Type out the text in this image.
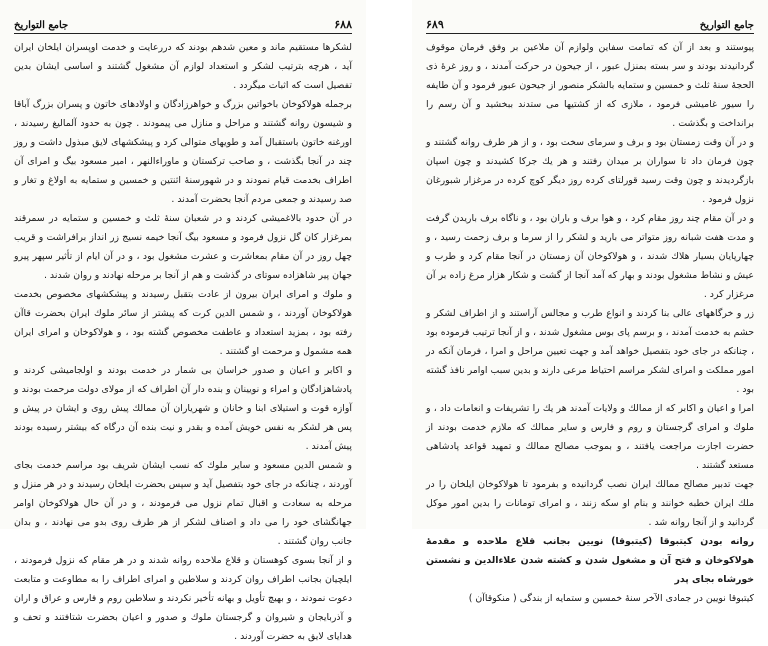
جامع التواريخ	۶۸۸

لشكرها مستقيم ماند و معين شدهم بودند كه دررعايت و خدمت اوپسران ايلخان ايران آيد ، هرچه بترتيب لشكر و استعداد لوازم آن مشغول گشتند و اساسى ايشان بدين تفصيل است كه اثبات ميگردد .

برجمله هولاكوخان باخواتين بزرگ و خواهرزادگان و اولادهاى خاتون و پسران بزرگ آباقا و شيسون روانه گشتند و مراحل و منازل مى پيمودند . چون به حدود آلماليغ رسيدند ، اورغنه خاتون باستقبال آمد و طويهاى متوالى كرد و پيشكشهاى لايق مبذول داشت و روز چند در آنجا بگذشت ، و صاحب تركستان و ماوراءالنهر ، امير مسعود بيگ و امراى آن اطراف بخدمت قيام نمودند و در شهورسنهٔ اثنتين و خمسين و ستمايه به اولاغ و تغار و صد رسيدند و جمعى مردم آنجا بحضرت آمدند .

در آن حدود بالاغميشى كردند و در شعبان سنهٔ ثلث و خمسين و ستمايه در سمرقند بمرغزار كان گل نزول فرمود و مسعود بيگ آنجا خيمه نسيج زر انداز برافراشت و قريب چهل روز در آن مقام بمعاشرت و عشرت مشغول بود ، و در آن ايام از تأثير سپهر پيرو جهان پير شاهزاده سوتاى در گذشت و هم از آنجا بر مرحله نهادند و روان شدند .

و ملوك و امراى ايران بيرون از عادت بتقبل رسيدند و پيشكشهاى مخصوص بخدمت هولاكوخان آوردند ، و شمس الدين كرت كه پيشتر از سائر ملوك ايران بحضرت قاآن رفته بود ، بمزيد استعداد و عاطفت مخصوص گشته بود ، و هولاكوخان و امراى ايران همه مشمول و مرحمت او گشتند .

و اكابر و اعيان و صدور خراسان بى شمار در خدمت بودند و اولجاميشى كردند و پادشاهزادگان و امراء و نويينان و بنده دار آن اطراف كه از مولاى دولت مرحمت بودند و آوازه قوت و استيلاى ابنا و خانان و شهرياران آن ممالك پيش روى و ايشان در پيش و پس هر لشكر به نفس خويش آمده و بقدر و نيت بنده آن درگاه كه بيشتر رسيده بودند پيش آمدند .

و شمس الدين مسعود و ساير ملوك كه نسب ايشان شريف بود مراسم خدمت بجاى آوردند ، چنانكه در جاى خود بتفصيل آيد و سپس بحضرت ايلخان رسيدند و در هر منزل و مرحله به سعادت و اقبال تمام نزول مى فرمودند ، و در آن حال هولاكوخان اوامر جهانگشاى خود را مى داد و اصناف لشكر از هر طرف روى بدو مى نهادند ، و بدان جانب روان گشتند .

و از آنجا بسوى كوهستان و قلاع ملاحده روانه شدند و در هر مقام كه نزول فرمودند ، ايلچيان بجانب اطراف روان كردند و سلاطين و امراى اطراف را به مطاوعت و متابعت دعوت نمودند ، و بهيچ تأويل و بهانه تأخير نكردند و سلاطين روم و فارس و عراق و اران و آذربايجان و شيروان و گرجستان ملوك و صدور و اعيان بحضرت شتافتند و تحف و هداياى لايق به حضرت آوردند .

۶۸۹	جامع التواريخ

پيوستند و بعد از آن كه تمامت سفاين ولوازم آن ملاعين بر وفق فرمان موقوف گردانيدند بودند و سر بسته بمنزل عبور ، از جيحون در حركت آمدند ، و روز غرهٔ ذى الحجهٔ سنهٔ ثلث و خمسين و ستمايه بالشكر منصور از جيحون عبور فرمود و آن طايفه را سيور غاميشى فرمود ، ملازى كه از كشتيها مى ستدند ببخشيد و آن رسم را برانداخت و بگذشت .

و در آن وقت زمستان بود و برف و سرماى سخت بود ، و از هر طرف روانه گشتند و چون فرمان داد تا سواران بر ميدان رفتند و هر يك جركا كشيدند و چون اسپان بازگرديدند و چون وقت رسيد قورلتاى كرده روز ديگر كوچ كرده در مرغزار شبورغان نزول فرمود .

و در آن مقام چند روز مقام كرد ، و هوا برف و باران بود ، و ناگاه برف باريدن گرفت و مدت هفت شبانه روز متواتر مى باريد و لشكر را از سرما و برف زحمت رسيد ، و چهارپايان بسيار هلاك شدند ، و هولاكوخان آن زمستان در آنجا مقام كرد و طرب و عيش و نشاط مشغول بودند و بهار كه آمد آنجا از گشت و شكار هزار مرغ زاده بر آن مرغزار كرد .

زر و خرگاههاى عالى بنا كردند و انواع طرب و مجالس آراستند و از اطراف لشكر و حشم به خدمت آمدند ، و برسم پاى بوس مشغول شدند ، و از آنجا ترتيب فرموده بود ، چنانكه در جاى خود بتفصيل خواهد آمد و جهت تعيين مراحل و امرا ، فرمان آنكه در امور مملكت و امراى لشكر مراسم احتياط مرعى دارند و بدين سبب اوامر نافذ گشته بود .

امرا و اعيان و اكابر كه از ممالك و ولايات آمدند هر يك را تشريفات و انعامات داد ، و ملوك و امراى گرجستان و روم و فارس و ساير ممالك كه ملازم خدمت بودند از حضرت اجازت مراجعت يافتند ، و بموجب مصالح ممالك و تمهيد قواعد پادشاهى مستعد گشتند .

جهت تدبير مصالح ممالك ايران نصب گردانيده و بفرمود تا هولاكوخان ايلخان را در ملك ايران خطبه خوانند و بنام او سكه زنند ، و امراى تومانات را بدين امور موكل گردانيد و از آنجا روانه شد .

روانه بودن كيتبوقا (كيتبوقا) نويين بجانب قلاع ملاحده و مقدمهٔ هولاكوخان و فتح آن و مشغول شدن و كشته شدن علاءالدين و نشستن خورشاه بجاى پدر

كيتبوقا نويين در جمادى الآخر سنهٔ خمسين و ستمايه از بندگى ( منكوقاآن )
